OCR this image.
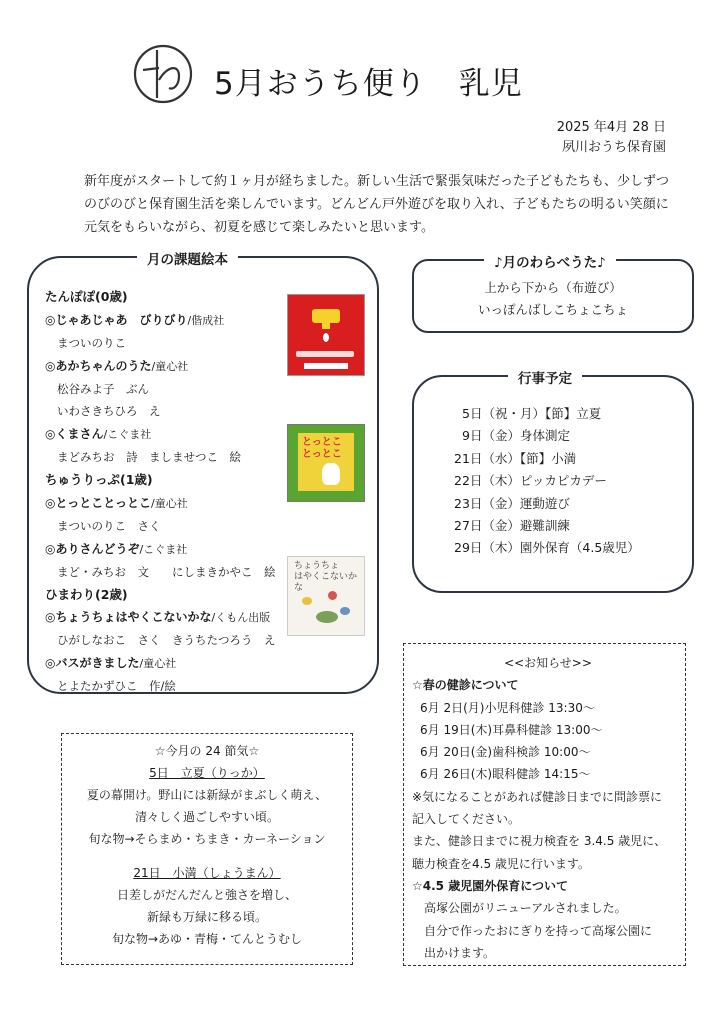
5月おうち便り　乳児
2025 年4月 28 日
夙川おうち保育園
新年度がスタートして約１ヶ月が経ちました。新しい生活で緊張気味だった子どもたちも、少しずつ
のびのびと保育園生活を楽しんでいます。どんどん戸外遊びを取り入れ、子どもたちの明るい笑顔に
元気をもらいながら、初夏を感じて楽しみたいと思います。
月の課題絵本
たんぽぽ(0歳)
◎じゃあじゃあ　びりびり/偕成社
まついのりこ
◎あかちゃんのうた/童心社
松谷みよ子　ぶん
いわさきちひろ　え
◎くまさん/こぐま社
まどみちお　詩　ましませつこ　絵
ちゅうりっぷ(1歳)
◎とっとことっとこ/童心社
まついのりこ　さく
◎ありさんどうぞ/こぐま社
まど・みちお　文　　にしまきかやこ　絵
ひまわり(2歳)
◎ちょうちょはやくこないかな/くもん出版
ひがしなおこ　さく　きうちたつろう　え
◎バスがきました/童心社
とよたかずひこ　作/絵
とっとこ
とっとこ
ちょうちょ
はやくこないかな
♪月のわらべうた♪
上から下から（布遊び）
いっぽんばしこちょこちょ
行事予定
5日（祝・月）【節】立夏
9日（金）身体測定
21日（水）【節】小満
22日（木）ピッカピカデー
23日（金）運動遊び
27日（金）避難訓練
29日（木）園外保育（4.5歳児）
<<お知らせ>>
☆春の健診について
6月 2日(月)小児科健診 13:30〜
6月 19日(木)耳鼻科健診 13:00〜
6月 20日(金)歯科検診 10:00〜
6月 26日(木)眼科健診 14:15〜
※気になることがあれば健診日までに問診票に
記入してください。
また、健診日までに視力検査を 3.4.5 歳児に、
聴力検査を4.5 歳児に行います。
☆4.5 歳児園外保育について
高塚公園がリニューアルされました。
自分で作ったおにぎりを持って高塚公園に
出かけます。
☆今月の 24 節気☆
5日　立夏（りっか）
夏の幕開け。野山には新緑がまぶしく萌え、
清々しく過ごしやすい頃。
旬な物→そらまめ・ちまき・カーネーション
21日　小満（しょうまん）
日差しがだんだんと強さを増し、
新緑も万緑に移る頃。
旬な物→あゆ・青梅・てんとうむし
